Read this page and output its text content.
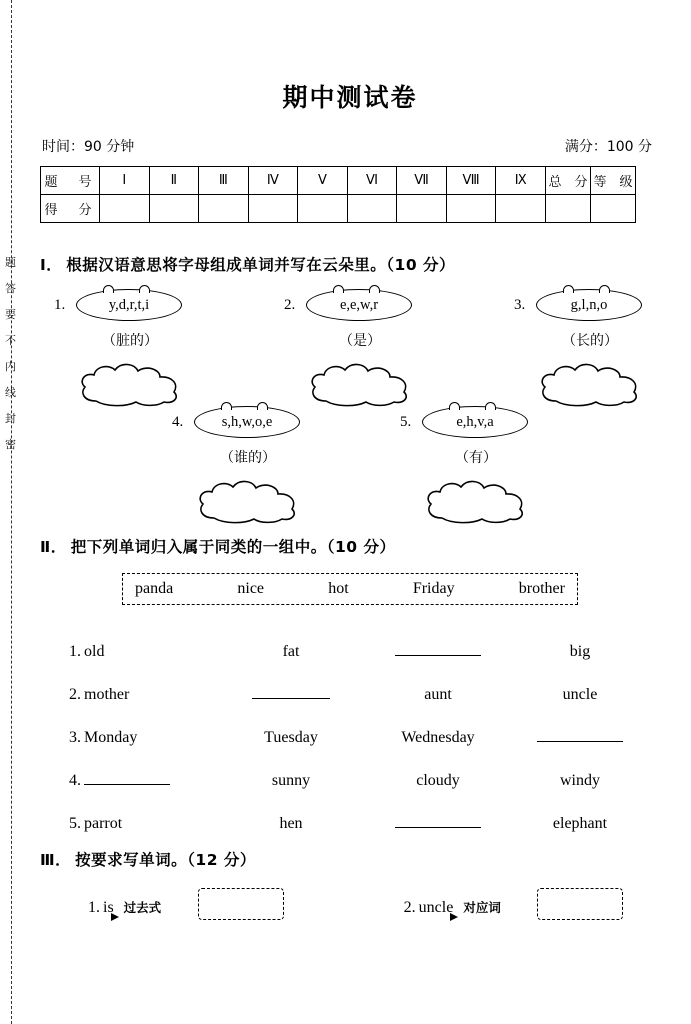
题
答
要
不
内
线
封
密
期中测试卷
时间：90 分钟	满分：100 分
题　号	Ⅰ	Ⅱ	Ⅲ	Ⅳ	Ⅴ	Ⅵ	Ⅶ	Ⅷ	Ⅸ	总　分	等　级
得　分											
Ⅰ． 根据汉语意思将字母组成单词并写在云朵里。（10 分）
1.	y,d,r,t,i
（脏的）
2.	e,e,w,r
（是）
3.	g,l,n,o
（长的）
4.	s,h,w,o,e
（谁的）
5.	e,h,v,a
（有）
Ⅱ． 把下列单词归入属于同类的一组中。（10 分）
panda	nice	hot	Friday	brother
1. old	fat		big
2. mother		aunt	uncle
3. Monday	Tuesday	Wednesday	
4.	sunny	cloudy	windy
5. parrot	hen		elephant
Ⅲ． 按要求写单词。（12 分）
1. is 过去式	2. uncle 对应词
